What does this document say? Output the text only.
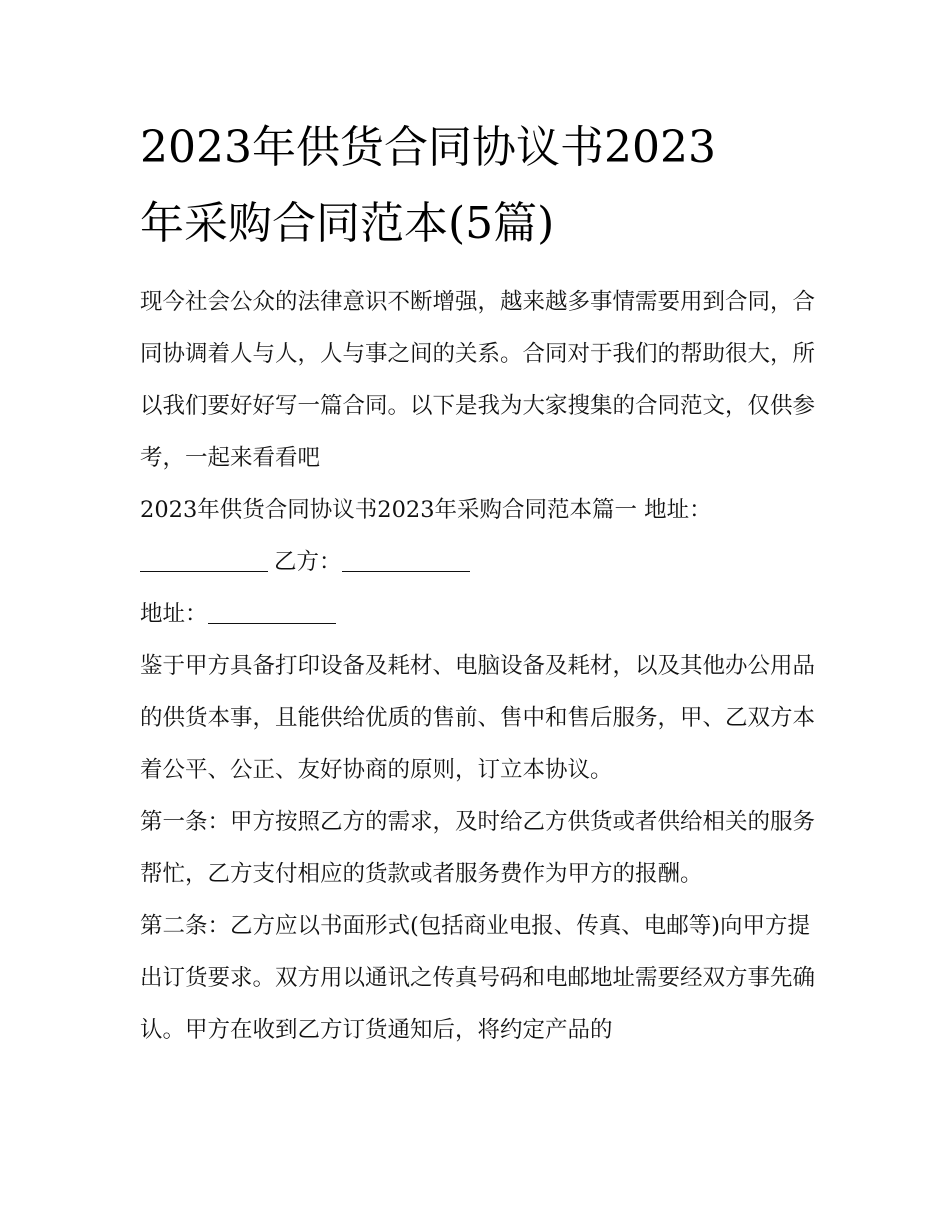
2023年供货合同协议书2023
年采购合同范本(5篇)

现今社会公众的法律意识不断增强，越来越多事情需要用到合同，合同协调着人与人，人与事之间的关系。合同对于我们的帮助很大，所以我们要好好写一篇合同。以下是我为大家搜集的合同范文，仅供参考，一起来看看吧

2023年供货合同协议书2023年采购合同范本篇一 地址：

乙方：

地址：

鉴于甲方具备打印设备及耗材、电脑设备及耗材，以及其他办公用品的供货本事，且能供给优质的售前、售中和售后服务，甲、乙双方本着公平、公正、友好协商的原则，订立本协议。

第一条：甲方按照乙方的需求，及时给乙方供货或者供给相关的服务帮忙，乙方支付相应的货款或者服务费作为甲方的报酬。

第二条：乙方应以书面形式(包括商业电报、传真、电邮等)向甲方提出订货要求。双方用以通讯之传真号码和电邮地址需要经双方事先确认。甲方在收到乙方订货通知后，将约定产品的
